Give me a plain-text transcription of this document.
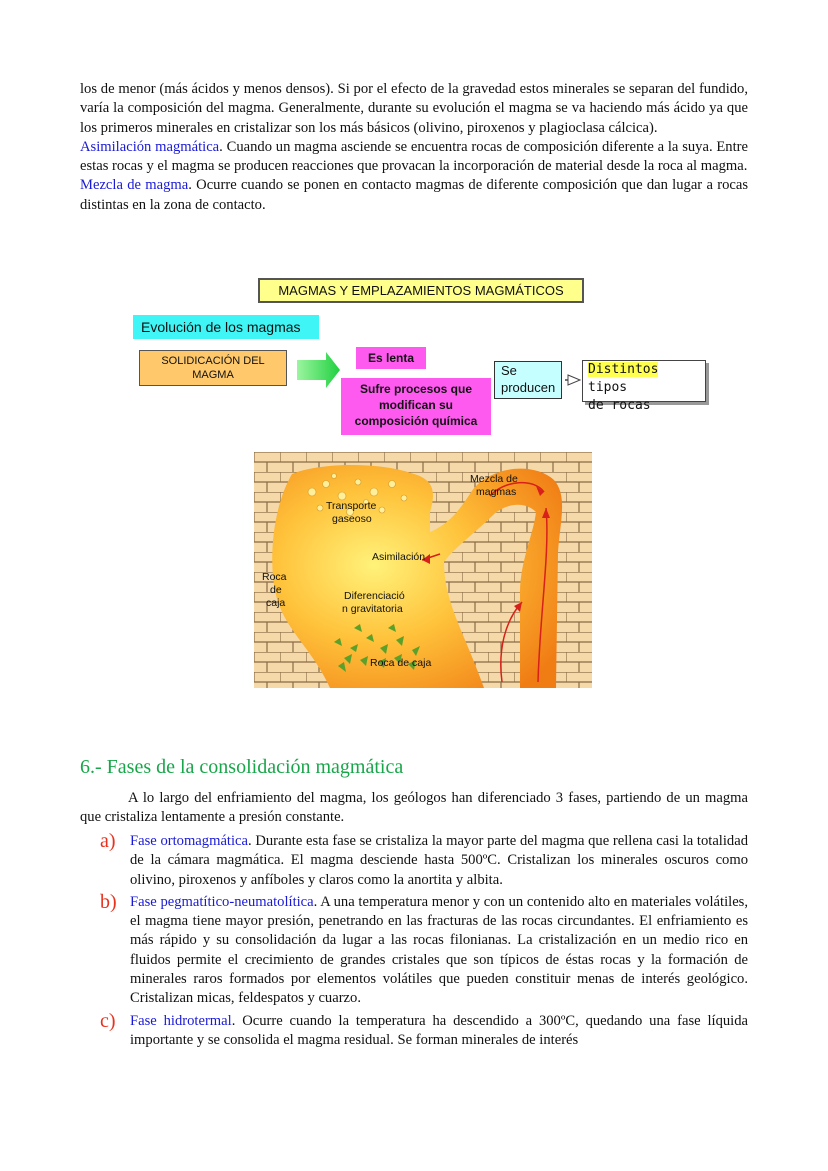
los de menor (más ácidos y menos densos). Si por el efecto de la gravedad estos minerales se separan del fundido, varía la composición del magma. Generalmente, durante su evolución el magma se va haciendo más ácido ya que los primeros minerales en cristalizar son los más básicos (olivino, piroxenos y plagioclasa cálcica).
Asimilación magmática. Cuando un magma asciende se encuentra rocas de composición diferente a la suya. Entre estas rocas y el magma se producen reacciones que provacan la incorporación de material desde la roca al magma.
Mezcla de magma. Ocurre cuando se ponen en contacto magmas de diferente composición que dan lugar a rocas distintas en la zona de contacto.
MAGMAS Y EMPLAZAMIENTOS MAGMÁTICOS
Evolución de los magmas
SOLIDICACIÓN DEL
MAGMA
Es lenta
Sufre procesos que
modifican su
composición química
Se
producen
Distintos tipos
de rocas
Transporte
gaseoso
Asimilación
Mezcla de
magmas
Roca
de
caja
Diferenciació
n gravitatoria
Roca de caja
6.- Fases de la consolidación magmática
A lo largo del enfriamiento del magma, los geólogos han diferenciado 3 fases, partiendo de un magma que cristaliza lentamente a presión constante.
a) Fase ortomagmática. Durante esta fase se cristaliza la mayor parte del magma que rellena casi la totalidad de la cámara magmática. El magma desciende hasta 500ºC. Cristalizan los minerales oscuros como olivino, piroxenos y anfíboles y claros como la anortita y albita.
b) Fase pegmatítico-neumatolítica. A una temperatura menor y con un contenido alto en materiales volátiles, el magma tiene mayor presión, penetrando en las fracturas de las rocas circundantes. El enfriamiento es más rápido y su consolidación da lugar a las rocas filonianas. La cristalización en un medio rico en fluidos permite el crecimiento de grandes cristales que son típicos de éstas rocas y la formación de minerales raros formados por elementos volátiles que pueden constituir menas de interés geológico. Cristalizan micas, feldespatos y cuarzo.
c) Fase hidrotermal. Ocurre cuando la temperatura ha descendido a 300ºC, quedando una fase líquida importante y se consolida el magma residual. Se forman minerales de interés
